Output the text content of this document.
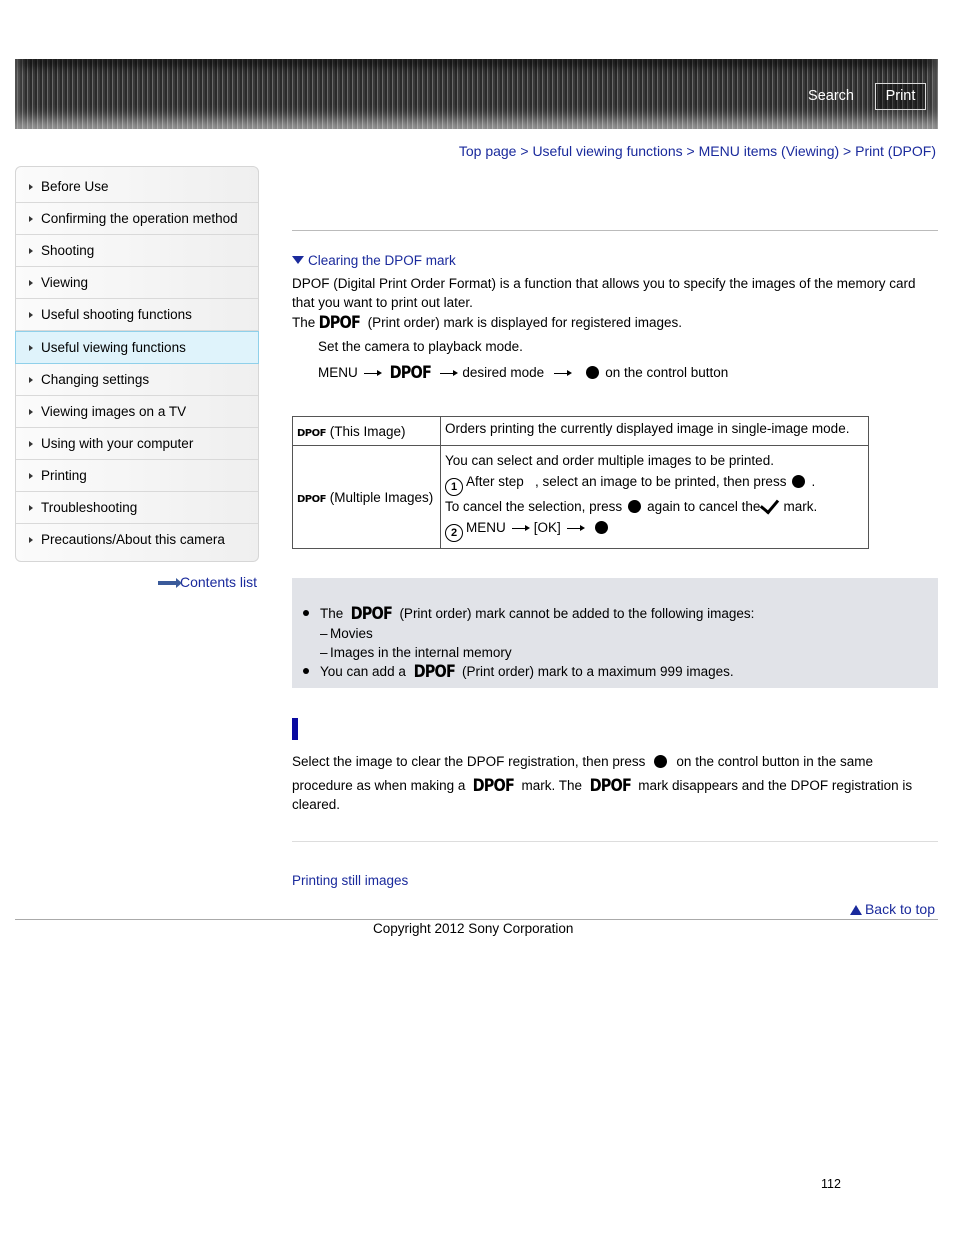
Search	Print
Top page > Useful viewing functions > MENU items (Viewing) > Print (DPOF)
Before Use
Confirming the operation method
Shooting
Viewing
Useful shooting functions
Useful viewing functions
Changing settings
Viewing images on a TV
Using with your computer
Printing
Troubleshooting
Precautions/About this camera
Contents list
Clearing the DPOF mark
DPOF (Digital Print Order Format) is a function that allows you to specify the images of the memory card that you want to print out later.
The DPOF (Print order) mark is displayed for registered images.
Set the camera to playback mode.
MENU DPOF desired mode	on the control button
DPOF (This Image)	Orders printing the currently displayed image in single-image mode.
DPOF (Multiple Images)	You can select and order multiple images to be printed.
1 After step , select an image to be printed, then press .
To cancel the selection, press again to cancel the mark.
2 MENU [OK]
The DPOF (Print order) mark cannot be added to the following images:
– Movies
– Images in the internal memory
You can add a DPOF (Print order) mark to a maximum 999 images.
Select the image to clear the DPOF registration, then press on the control button in the same
procedure as when making a DPOF mark. The DPOF mark disappears and the DPOF registration is
cleared.
Printing still images
Back to top
Copyright 2012 Sony Corporation
112
